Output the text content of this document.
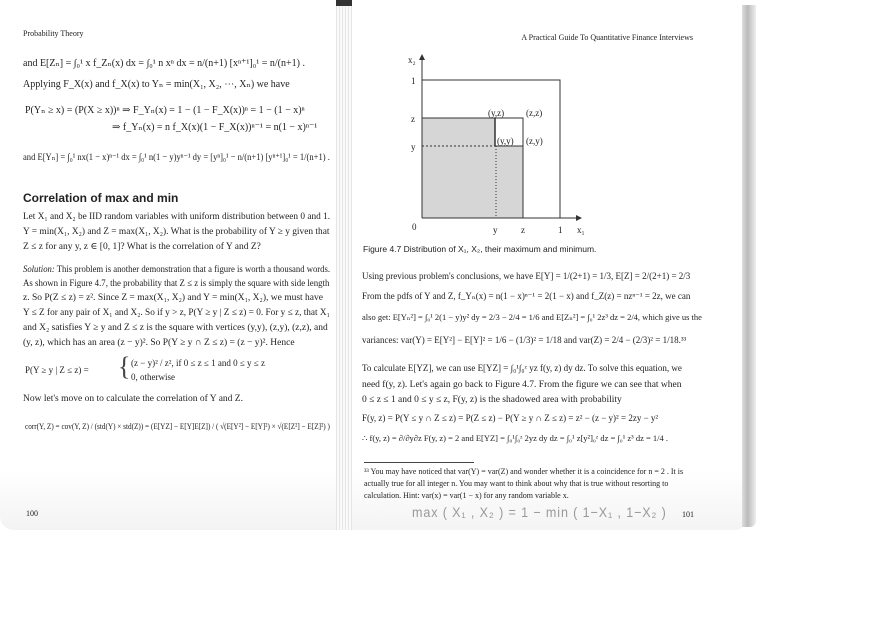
Probability Theory
and E[Zₙ] = ∫₀¹ x f_Zₙ(x) dx = ∫₀¹ n xⁿ dx = n/(n+1) [xⁿ⁺¹]₀¹ = n/(n+1) .
Applying F_X(x) and f_X(x) to Yₙ = min(X₁, X₂, ⋯, Xₙ) we have
P(Yₙ ≥ x) = (P(X ≥ x))ⁿ ⇒ F_Yₙ(x) = 1 − (1 − F_X(x))ⁿ = 1 − (1 − x)ⁿ
⇒ f_Yₙ(x) = n f_X(x)(1 − F_X(x))ⁿ⁻¹ = n(1 − x)ⁿ⁻¹
and E[Yₙ] = ∫₀¹ nx(1 − x)ⁿ⁻¹ dx = ∫₀¹ n(1 − y)yⁿ⁻¹ dy = [yⁿ]₀¹ − n/(n+1) [yⁿ⁺¹]₀¹ = 1/(n+1) .
Correlation of max and min
Let X₁ and X₂ be IID random variables with uniform distribution between 0 and 1.
Y = min(X₁, X₂) and Z = max(X₁, X₂). What is the probability of Y ≥ y given that
Z ≤ z for any y, z ∈ [0, 1]? What is the correlation of Y and Z?
Solution: This problem is another demonstration that a figure is worth a thousand words.
As shown in Figure 4.7, the probability that Z ≤ z is simply the square with side length
z. So P(Z ≤ z) = z². Since Z = max(X₁, X₂) and Y = min(X₁, X₂), we must have
Y ≤ Z for any pair of X₁ and X₂. So if y > z, P(Y ≥ y | Z ≤ z) = 0. For y ≤ z, that X₁
and X₂ satisfies Y ≥ y and Z ≤ z is the square with vertices (y,y), (z,y), (z,z), and
(y, z), which has an area (z − y)². So P(Y ≥ y ∩ Z ≤ z) = (z − y)². Hence
P(Y ≥ y | Z ≤ z) = { (z − y)² / z², if 0 ≤ z ≤ 1 and 0 ≤ y ≤ z
0, otherwise
Now let's move on to calculate the correlation of Y and Z.
corr(Y, Z) = cov(Y, Z) / (std(Y) × std(Z)) = (E[YZ] − E[Y]E[Z]) / ( √(E[Y²] − E[Y]²) × √(E[Z²] − E[Z]²) )
100
A Practical Guide To Quantitative Finance Interviews
x₂
1
z
y
0	y	z	1 x₁
(y,z) (z,z)
(y,y) (z,y)
Figure 4.7 Distribution of X₁, X₂, their maximum and minimum.
Using previous problem's conclusions, we have E[Y] = 1/(2+1) = 1/3, E[Z] = 2/(2+1) = 2/3
From the pdfs of Y and Z, f_Yₙ(x) = n(1 − x)ⁿ⁻¹ = 2(1 − x) and f_Z(z) = nzⁿ⁻¹ = 2z, we can
also get: E[Yₙ²] = ∫₀¹ 2(1 − y)y² dy = 2/3 − 2/4 = 1/6 and E[Zₙ²] = ∫₀¹ 2z³ dz = 2/4, which give us the
variances: var(Y) = E[Y²] − E[Y]² = 1/6 − (1/3)² = 1/18 and var(Z) = 2/4 − (2/3)² = 1/18.³³
To calculate E[YZ], we can use E[YZ] = ∫₀¹∫₀ᶻ yz f(y, z) dy dz. To solve this equation, we
need f(y, z). Let's again go back to Figure 4.7. From the figure we can see that when
0 ≤ z ≤ 1 and 0 ≤ y ≤ z, F(y, z) is the shadowed area with probability
F(y, z) = P(Y ≤ y ∩ Z ≤ z) = P(Z ≤ z) − P(Y ≥ y ∩ Z ≤ z) = z² − (z − y)² = 2zy − y²
∴ f(y, z) = ∂/∂y∂z F(y, z) = 2 and E[YZ] = ∫₀¹∫₀ᶻ 2yz dy dz = ∫₀¹ z[y²]₀ᶻ dz = ∫₀¹ z³ dz = 1/4 .
³³ You may have noticed that var(Y) = var(Z) and wonder whether it is a coincidence for n = 2 . It is
actually true for all integer n. You may want to think about why that is true without resorting to
calculation. Hint: var(x) = var(1 − x) for any random variable x.
max ( X₁ , X₂ ) = 1 − min ( 1−X₁ , 1−X₂ ) 101
